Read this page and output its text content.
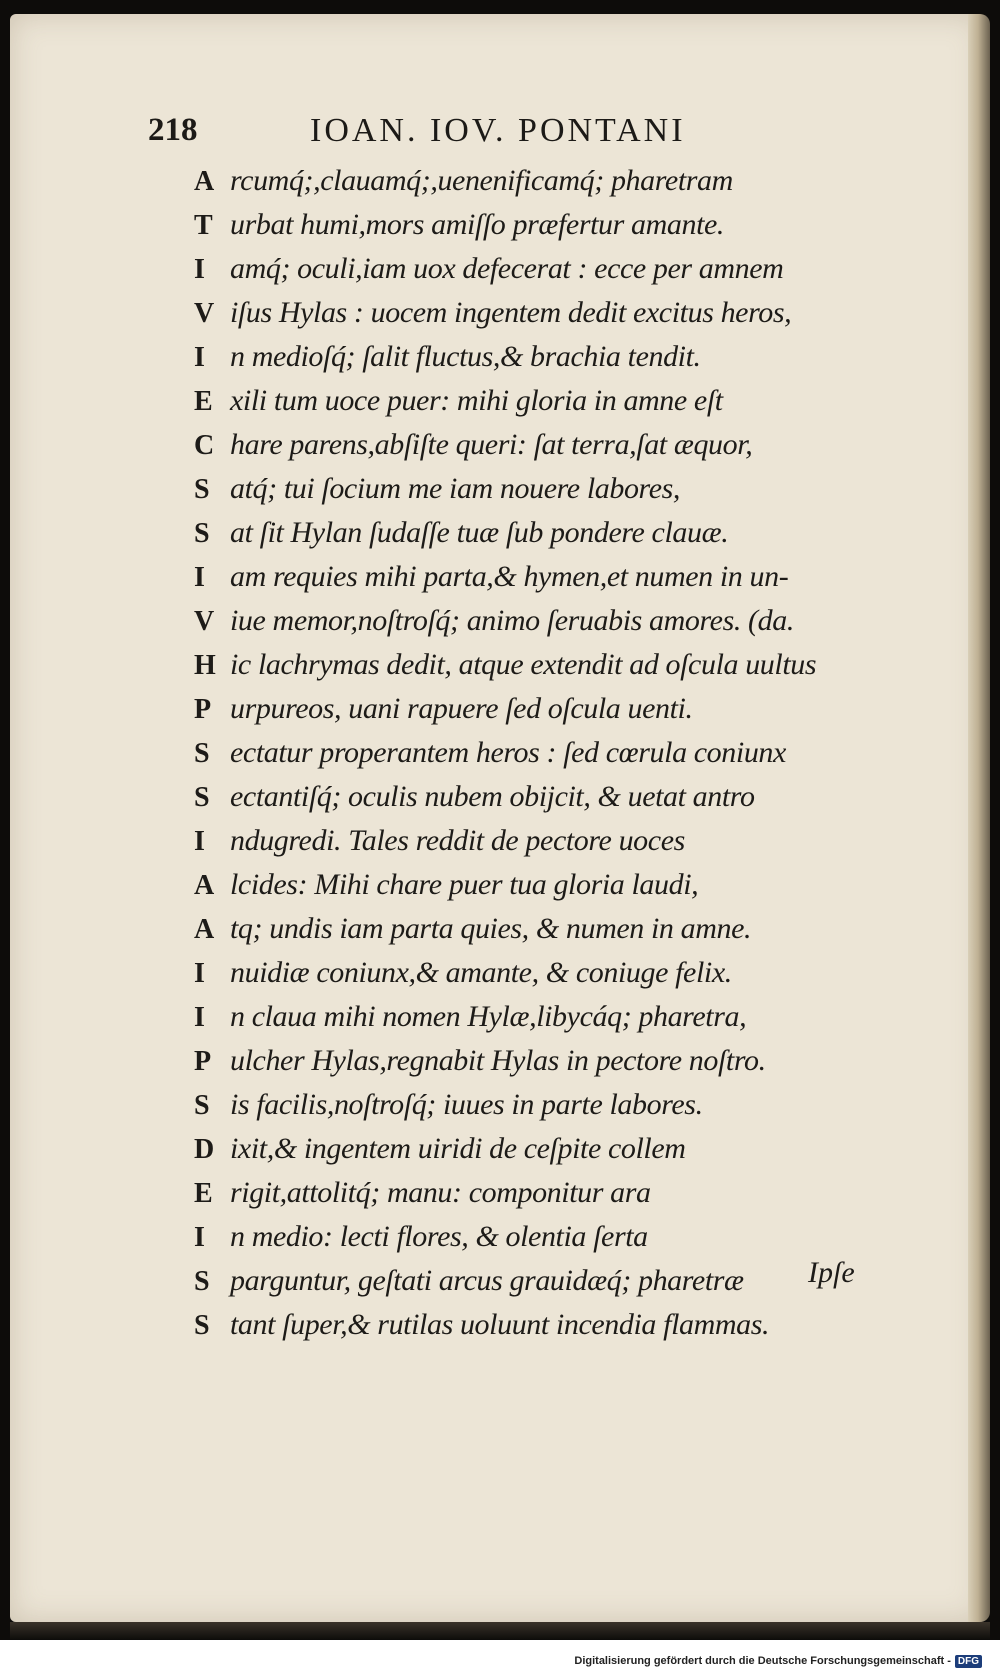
218	IOAN. IOV. PONTANI
A rcumq́;,clauamq́;,uenenificamq́; pharetram
T urbat humi,mors amiſſo præfertur amante.
I amq́; oculi,iam uox defecerat : ecce per amnem
V iſus Hylas : uocem ingentem dedit excitus heros,
I n medioſq́; ſalit fluctus,& brachia tendit.
E xili tum uoce puer: mihi gloria in amne eſt
C hare parens,abſiſte queri: ſat terra,ſat æquor,
S atq́; tui ſocium me iam nouere labores,
S at ſit Hylan ſudaſſe tuæ ſub pondere clauæ.
I am requies mihi parta,& hymen,et numen in un-
V iue memor,noſtroſq́; animo ſeruabis amores. (da.
H ic lachrymas dedit, atque extendit ad oſcula uultus
P urpureos, uani rapuere ſed oſcula uenti.
S ectatur properantem heros : ſed cœrula coniunx
S ectantiſq́; oculis nubem obijcit, & uetat antro
I ndugredi. Tales reddit de pectore uoces
A lcides: Mihi chare puer tua gloria laudi,
A tq; undis iam parta quies, & numen in amne.
I nuidiæ coniunx,& amante, & coniuge felix.
I n claua mihi nomen Hylæ,libycáq; pharetra,
P ulcher Hylas,regnabit Hylas in pectore noſtro.
S is facilis,noſtroſq́; iuues in parte labores.
D ixit,& ingentem uiridi de ceſpite collem
E rigit,attolitq́; manu: componitur ara
I n medio: lecti flores, & olentia ſerta
S parguntur, geſtati arcus grauidæq́; pharetræ
S tant ſuper,& rutilas uoluunt incendia flammas.
Ipſe
Digitalisierung gefördert durch die Deutsche Forschungsgemeinschaft - DFG
